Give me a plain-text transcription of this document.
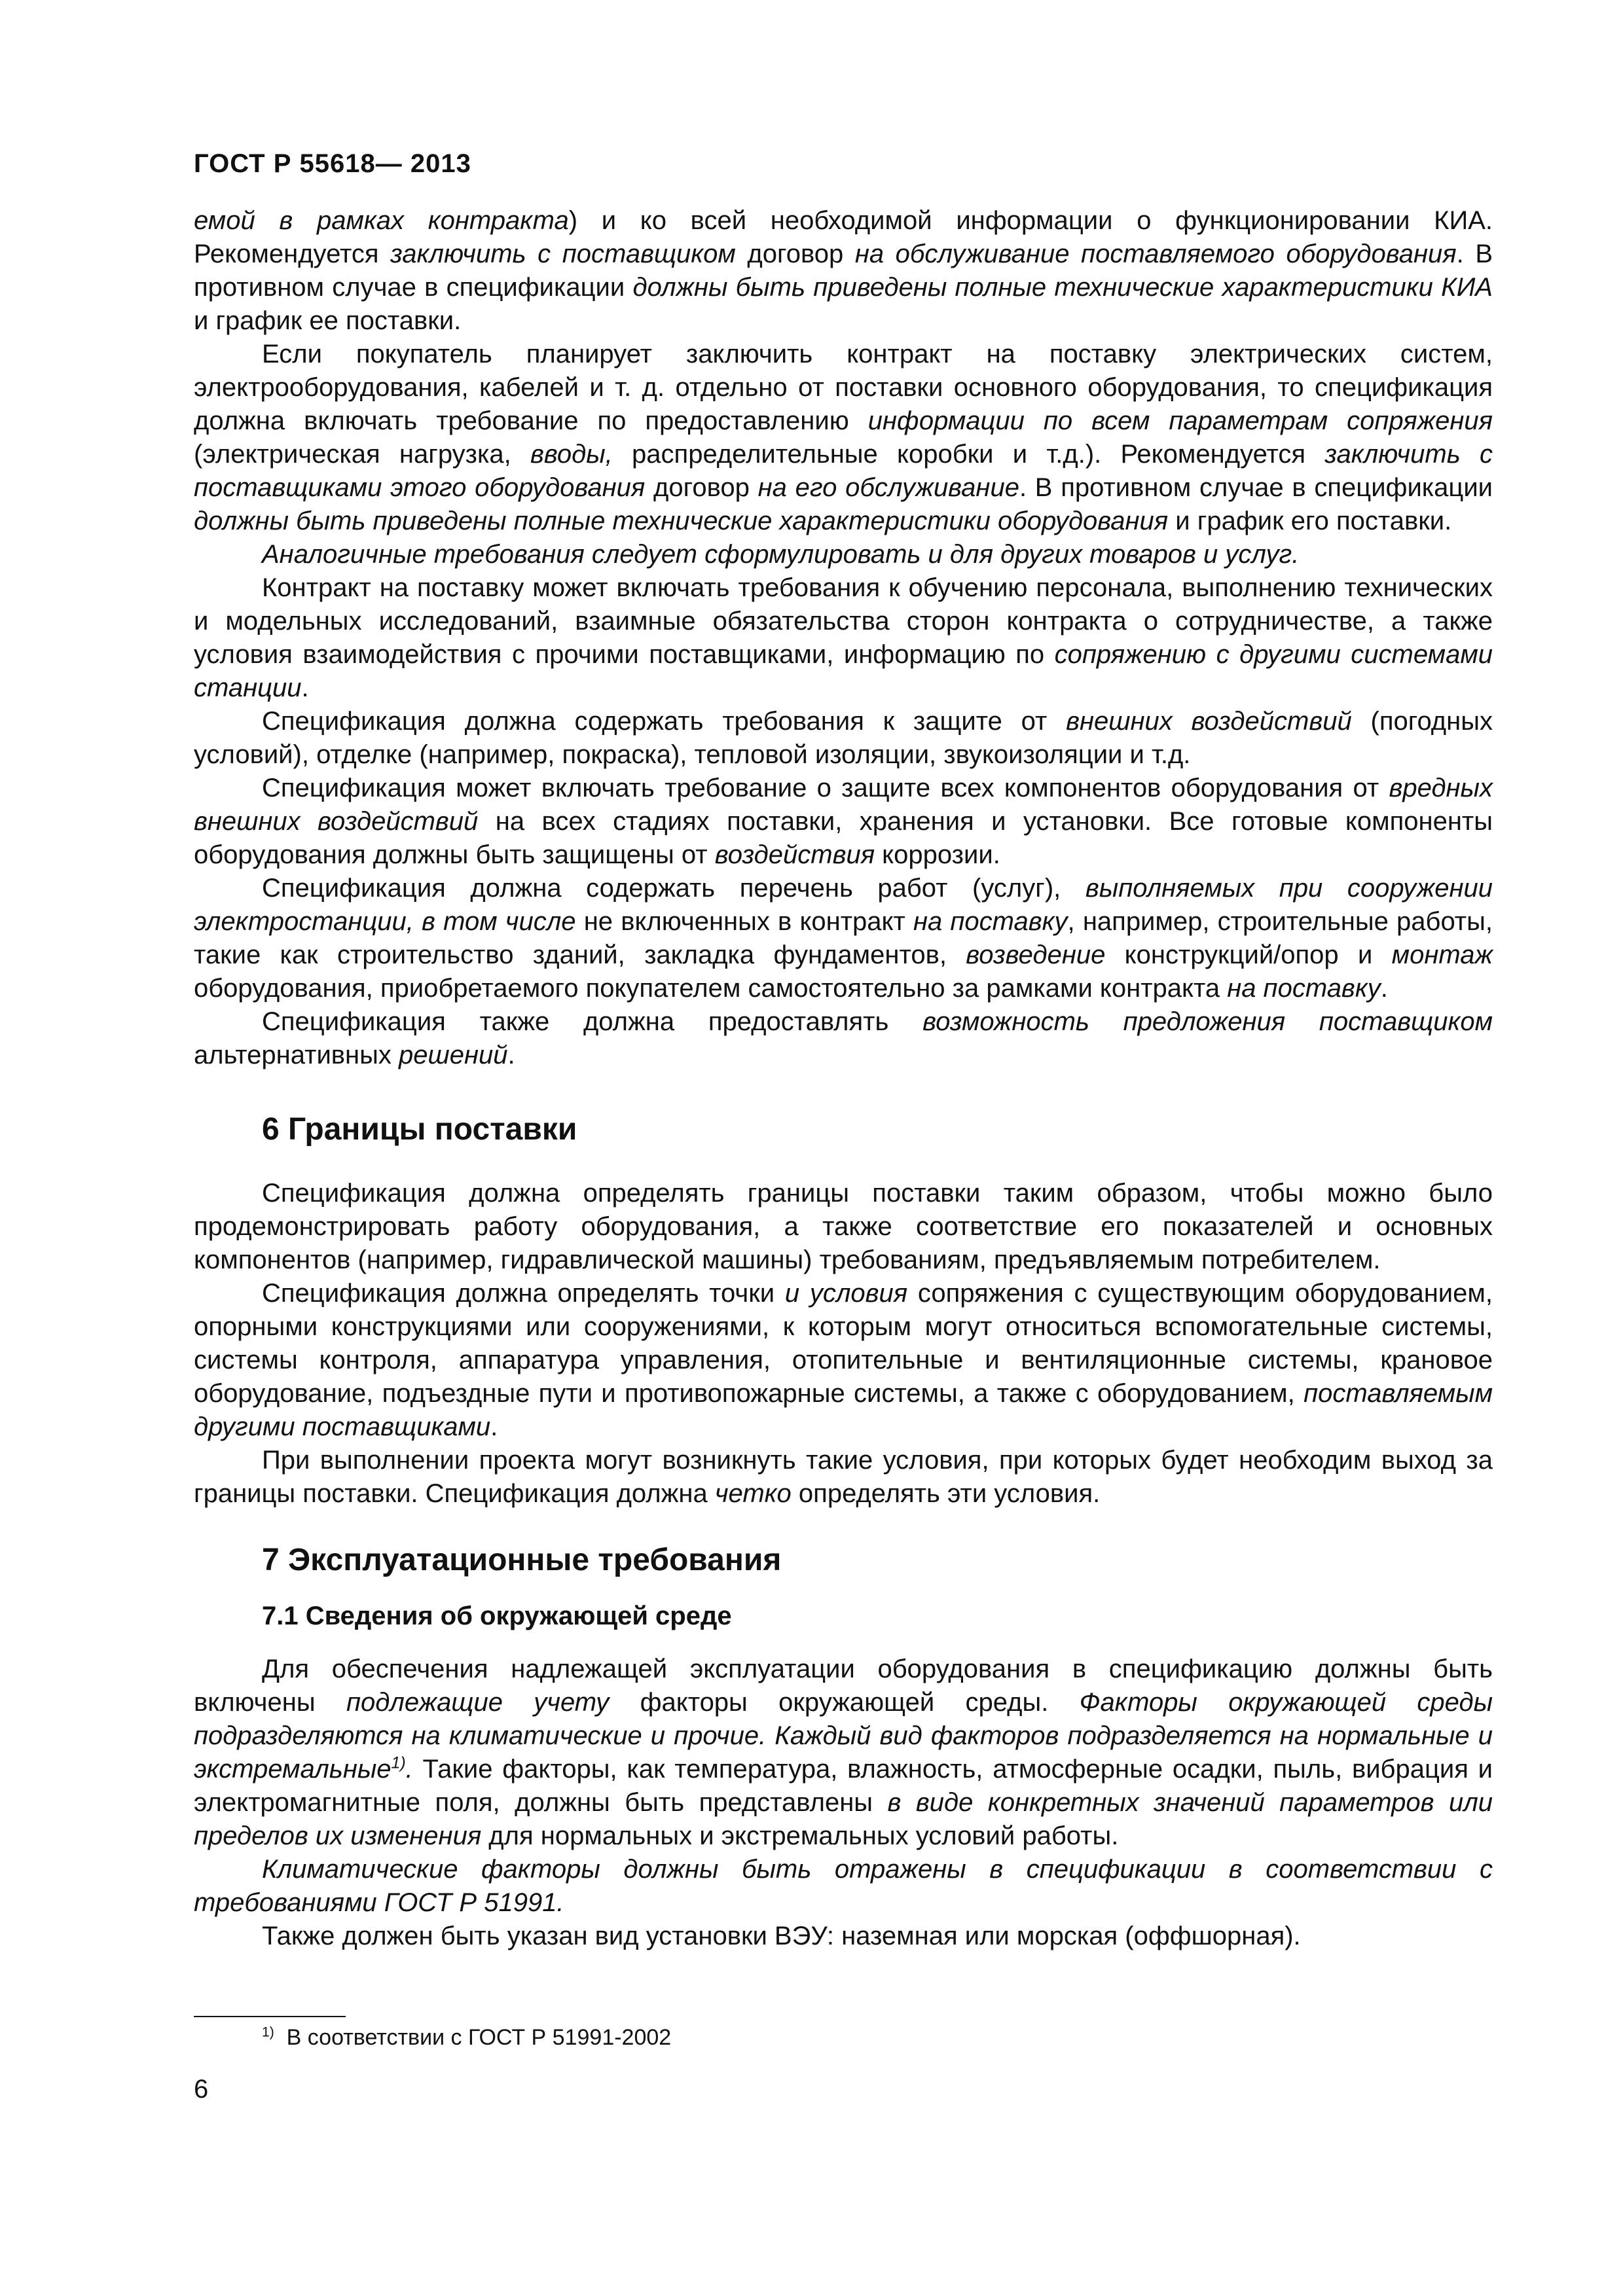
ГОСТ Р 55618— 2013

емой в рамках контракта) и ко всей необходимой информации о функционировании КИА. Рекомендуется заключить с поставщиком договор на обслуживание поставляемого оборудования. В противном случае в спецификации должны быть приведены полные технические характеристики КИА и график ее поставки.

Если покупатель планирует заключить контракт на поставку электрических систем, электрооборудования, кабелей и т. д. отдельно от поставки основного оборудования, то спецификация должна включать требование по предоставлению информации по всем параметрам сопряжения (электрическая нагрузка, вводы, распределительные коробки и т.д.). Рекомендуется заключить с поставщиками этого оборудования договор на его обслуживание. В противном случае в спецификации должны быть приведены полные технические характеристики оборудования и график его поставки.

Аналогичные требования следует сформулировать и для других товаров и услуг.

Контракт на поставку может включать требования к обучению персонала, выполнению технических и модельных исследований, взаимные обязательства сторон контракта о сотрудничестве, а также условия взаимодействия с прочими поставщиками, информацию по сопряжению с другими системами станции.

Спецификация должна содержать требования к защите от внешних воздействий (погодных условий), отделке (например, покраска), тепловой изоляции, звукоизоляции и т.д.

Спецификация может включать требование о защите всех компонентов оборудования от вредных внешних воздействий на всех стадиях поставки, хранения и установки. Все готовые компоненты оборудования должны быть защищены от воздействия коррозии.

Спецификация должна содержать перечень работ (услуг), выполняемых при сооружении электростанции, в том числе не включенных в контракт на поставку, например, строительные работы, такие как строительство зданий, закладка фундаментов, возведение конструкций/опор и монтаж оборудования, приобретаемого покупателем самостоятельно за рамками контракта на поставку.

Спецификация также должна предоставлять возможность предложения поставщиком альтернативных решений.

6 Границы поставки

Спецификация должна определять границы поставки таким образом, чтобы можно было продемонстрировать работу оборудования, а также соответствие его показателей и основных компонентов (например, гидравлической машины) требованиям, предъявляемым потребителем.

Спецификация должна определять точки и условия сопряжения с существующим оборудованием, опорными конструкциями или сооружениями, к которым могут относиться вспомогательные системы, системы контроля, аппаратура управления, отопительные и вентиляционные системы, крановое оборудование, подъездные пути и противопожарные системы, а также с оборудованием, поставляемым другими поставщиками.

При выполнении проекта могут возникнуть такие условия, при которых будет необходим выход за границы поставки. Спецификация должна четко определять эти условия.

7 Эксплуатационные требования
7.1 Сведения об окружающей среде

Для обеспечения надлежащей эксплуатации оборудования в спецификацию должны быть включены подлежащие учету факторы окружающей среды. Факторы окружающей среды подразделяются на климатические и прочие. Каждый вид факторов подразделяется на нормальные и экстремальные$^{1)}$. Такие факторы, как температура, влажность, атмосферные осадки, пыль, вибрация и электромагнитные поля, должны быть представлены в виде конкретных значений параметров или пределов их изменения для нормальных и экстремальных условий работы.

Климатические факторы должны быть отражены в спецификации в соответствии с требованиями ГОСТ Р 51991.

Также должен быть указан вид установки ВЭУ: наземная или морская (оффшорная).

$^{1)}$ В соответствии с ГОСТ Р 51991-2002
6
